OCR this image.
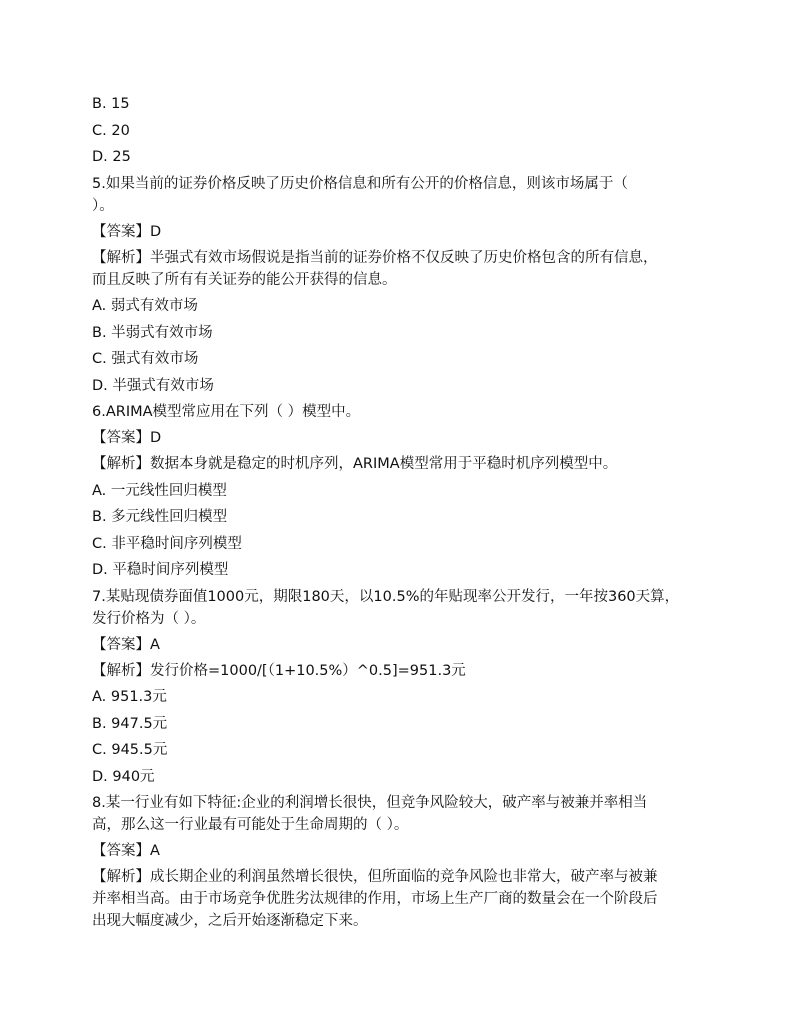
B. 15
C. 20
D. 25
5.如果当前的证券价格反映了历史价格信息和所有公开的价格信息，则该市场属于（
）。
【答案】D
【解析】半强式有效市场假说是指当前的证券价格不仅反映了历史价格包含的所有信息，
而且反映了所有有关证券的能公开获得的信息。
A. 弱式有效市场
B. 半弱式有效市场
C. 强式有效市场
D. 半强式有效市场
6.ARIMA模型常应用在下列（ ）模型中。
【答案】D
【解析】数据本身就是稳定的时机序列，ARIMA模型常用于平稳时机序列模型中。
A. 一元线性回归模型
B. 多元线性回归模型
C. 非平稳时间序列模型
D. 平稳时间序列模型
7.某贴现债券面值1000元，期限180天，以10.5%的年贴现率公开发行，一年按360天算，
发行价格为（ ）。
【答案】A
【解析】发行价格=1000/[（1+10.5%）^0.5]=951.3元
A. 951.3元
B. 947.5元
C. 945.5元
D. 940元
8.某一行业有如下特征:企业的利润增长很快，但竞争风险较大，破产率与被兼并率相当
高，那么这一行业最有可能处于生命周期的（ ）。
【答案】A
【解析】成长期企业的利润虽然增长很快，但所面临的竞争风险也非常大，破产率与被兼
并率相当高。由于市场竞争优胜劣汰规律的作用，市场上生产厂商的数量会在一个阶段后
出现大幅度减少，之后开始逐渐稳定下来。
